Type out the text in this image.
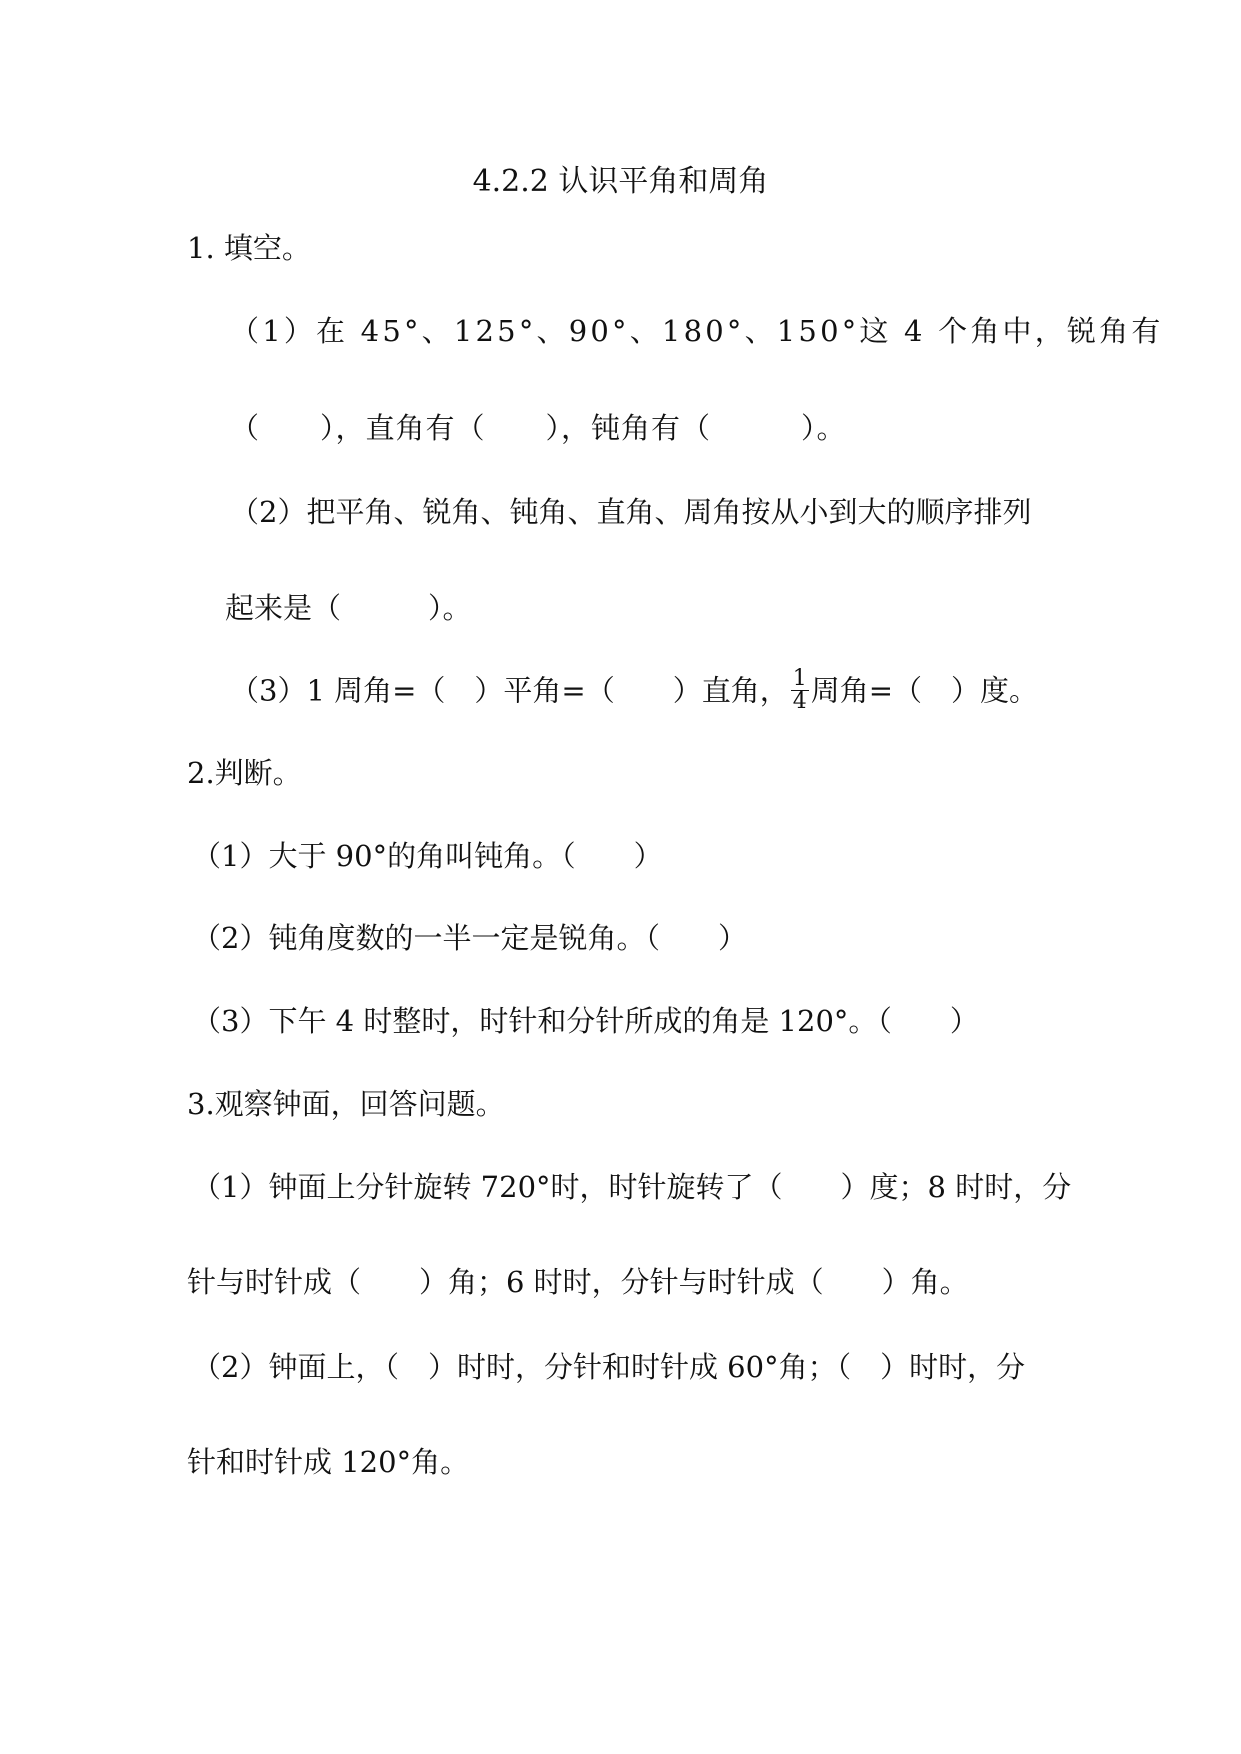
4.2.2 认识平角和周角
1. 填空。
（1）在 45°、125°、90°、180°、150°这 4 个角中，锐角有
（　　），直角有（　　），钝角有（　　　）。
（2）把平角、锐角、钝角、直角、周角按从小到大的顺序排列
起来是（　　　）。
（3）1 周角=（　）平角=（　　）直角， $\frac{1}{4}$ 周角=（　）度。
2.判断。
（1）大于 90°的角叫钝角。（　　）
（2）钝角度数的一半一定是锐角。（　　）
（3）下午 4 时整时，时针和分针所成的角是 120°。（　　）
3.观察钟面，回答问题。
（1）钟面上分针旋转 720°时，时针旋转了（　　）度；8 时时，分
针与时针成（　　）角；6 时时，分针与时针成（　　）角。
（2）钟面上，（　）时时，分针和时针成 60°角；（　）时时，分
针和时针成 120°角。
